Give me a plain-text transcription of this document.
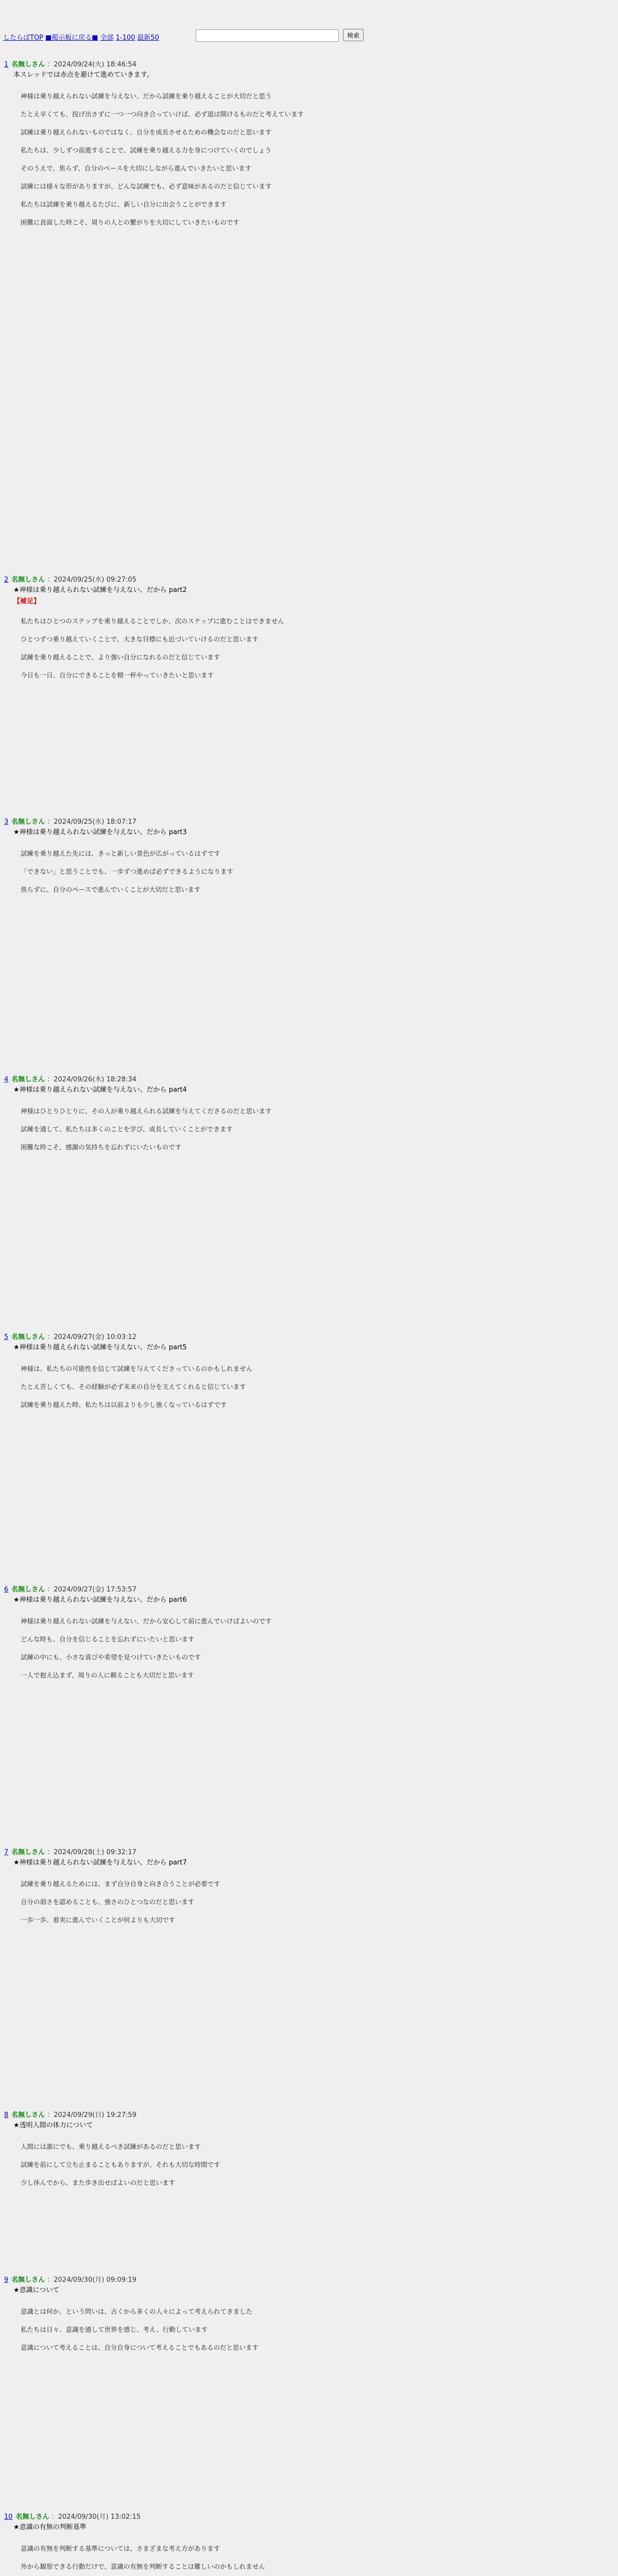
したらばTOP ■掲示板に戻る■ 全部 1-100 最新50	検索
1 名無しさん ：2024/09/24(火) 18:46:54
本スレッドでは赤点を避けて進めていきます。

神様は乗り越えられない試練を与えない、だから試練を乗り越えることが大切だと思う

たとえ辛くても、投げ出さずに一つ一つ向き合っていけば、必ず道は開けるものだと考えています

試練は乗り越えられないものではなく、自分を成長させるための機会なのだと思います

私たちは、少しずつ前進することで、試練を乗り越える力を身につけていくのでしょう

そのうえで、焦らず、自分のペースを大切にしながら進んでいきたいと思います

試練には様々な形がありますが、どんな試練でも、必ず意味があるのだと信じています

私たちは試練を乗り越えるたびに、新しい自分に出会うことができます

困難に直面した時こそ、周りの人との繋がりを大切にしていきたいものです

2 名無しさん ：2024/09/25(水) 09:27:05
★神様は乗り越えられない試練を与えない、だから part2
【補足】

私たちはひとつのステップを乗り越えることでしか、次のステップに進むことはできません

ひとつずつ乗り越えていくことで、大きな目標にも近づいていけるのだと思います

試練を乗り越えることで、より強い自分になれるのだと信じています

今日も一日、自分にできることを精一杯やっていきたいと思います

3 名無しさん ：2024/09/25(水) 18:07:17
★神様は乗り越えられない試練を与えない、だから part3

試練を乗り越えた先には、きっと新しい景色が広がっているはずです

「できない」と思うことでも、一歩ずつ進めば必ずできるようになります

焦らずに、自分のペースで進んでいくことが大切だと思います

4 名無しさん ：2024/09/26(木) 18:28:34
★神様は乗り越えられない試練を与えない、だから part4

神様はひとりひとりに、その人が乗り越えられる試練を与えてくださるのだと思います

試練を通して、私たちは多くのことを学び、成長していくことができます

困難な時こそ、感謝の気持ちを忘れずにいたいものです

5 名無しさん ：2024/09/27(金) 10:03:12
★神様は乗り越えられない試練を与えない、だから part5

神様は、私たちの可能性を信じて試練を与えてくださっているのかもしれません

たとえ苦しくても、その経験が必ず未来の自分を支えてくれると信じています

試練を乗り越えた時、私たちは以前よりも少し強くなっているはずです

6 名無しさん ：2024/09/27(金) 17:53:57
★神様は乗り越えられない試練を与えない、だから part6

神様は乗り越えられない試練を与えない、だから安心して前に進んでいけばよいのです

どんな時も、自分を信じることを忘れずにいたいと思います

試練の中にも、小さな喜びや希望を見つけていきたいものです

一人で抱え込まず、周りの人に頼ることも大切だと思います

7 名無しさん ：2024/09/28(土) 09:32:17
★神様は乗り越えられない試練を与えない、だから part7

試練を乗り越えるためには、まず自分自身と向き合うことが必要です

自分の弱さを認めることも、強さのひとつなのだと思います

一歩一歩、着実に進んでいくことが何よりも大切です

8 名無しさん ：2024/09/29(日) 19:27:59
★透明人間の体力について

人間には誰にでも、乗り越えるべき試練があるのだと思います

試練を前にして立ち止まることもありますが、それも大切な時間です

少し休んでから、また歩き出せばよいのだと思います

9 名無しさん ：2024/09/30(月) 09:09:19
★意識について

意識とは何か、という問いは、古くから多くの人々によって考えられてきました

私たちは日々、意識を通して世界を感じ、考え、行動しています

意識について考えることは、自分自身について考えることでもあるのだと思います

10 名無しさん ：2024/09/30(月) 13:02:15
★意識の有無の判断基準

意識の有無を判断する基準については、さまざまな考え方があります

外から観察できる行動だけで、意識の有無を判断することは難しいのかもしれません
